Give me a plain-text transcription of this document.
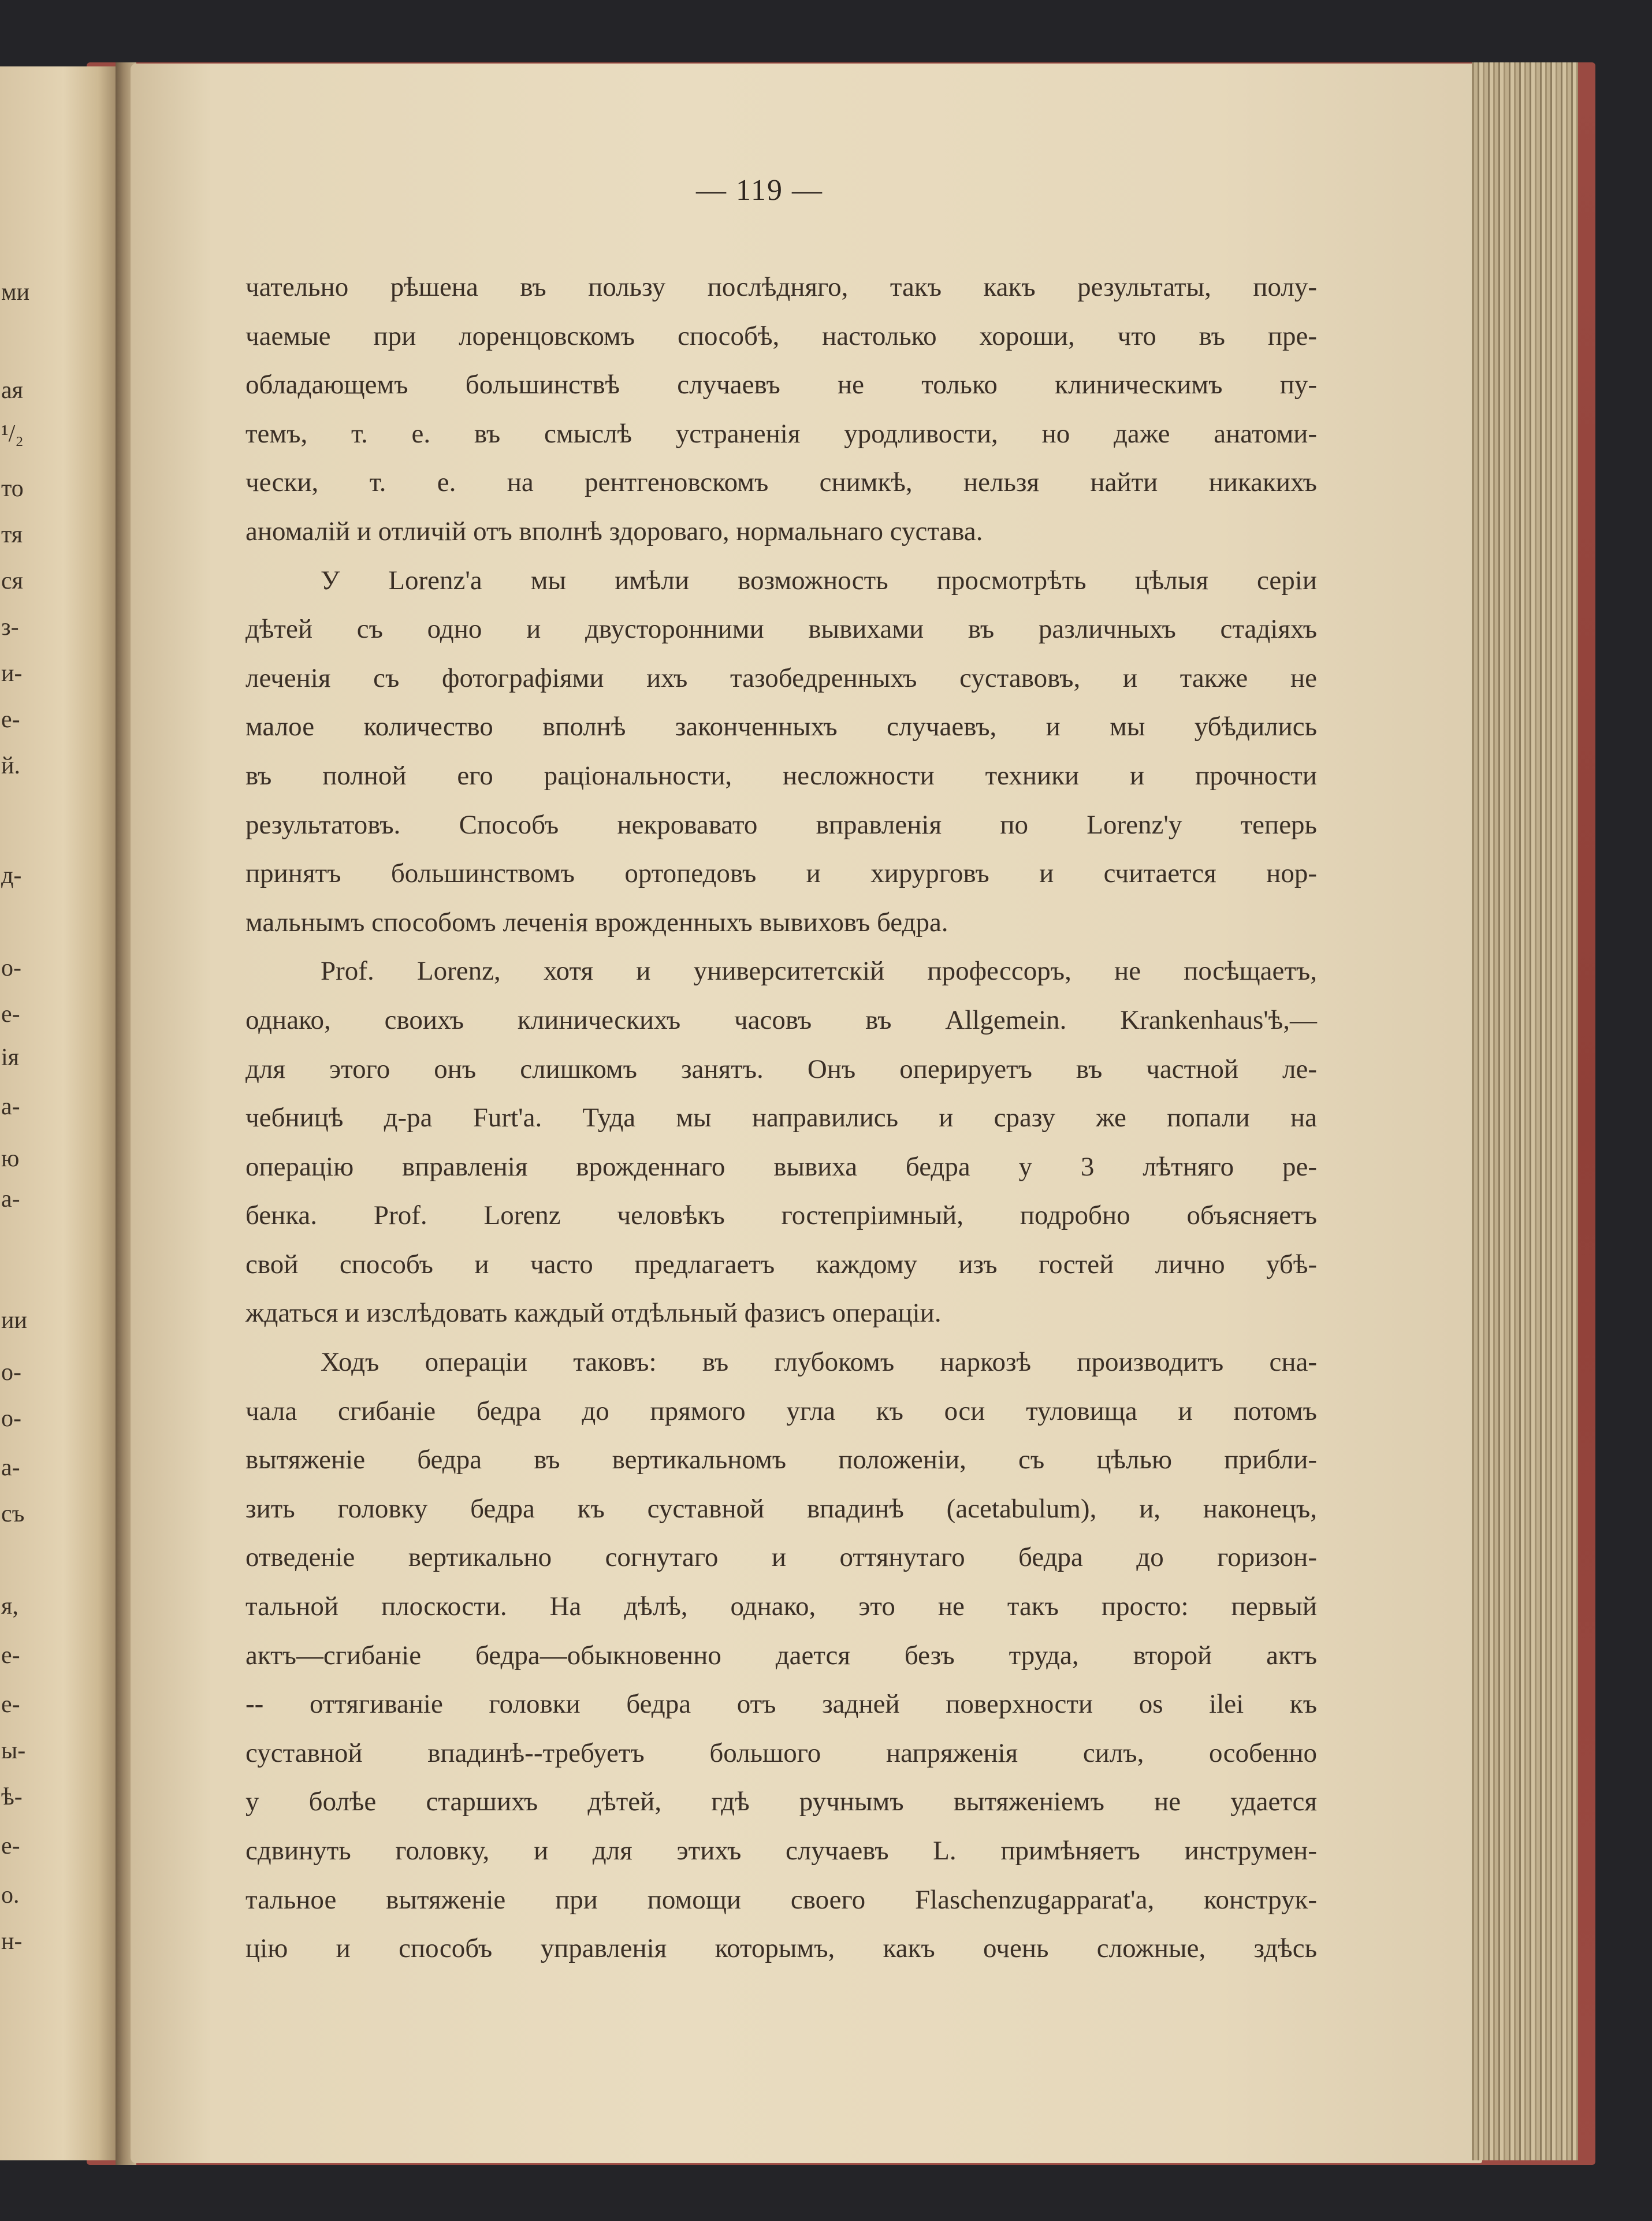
ми
ая
¹/₂
то
тя
ся
з-
и-
е-
й.
д-
о-
е-
ія
а-
ю
а-
ии
о-
о-
а-
съ
я,
е-
е-
ы-
ѣ-
е-
о.
н-
— 119 —
чательно рѣшена въ пользу послѣдняго, такъ какъ результаты, полу-
чаемые при лоренцовскомъ способѣ, настолько хороши, что въ пре-
обладающемъ большинствѣ случаевъ не только клиническимъ пу-
темъ, т. е. въ смыслѣ устраненія уродливости, но даже анатоми-
чески, т. е. на рентгеновскомъ снимкѣ, нельзя найти никакихъ
аномалій и отличій отъ вполнѣ здороваго, нормальнаго сустава.
У Lorenz'а мы имѣли возможность просмотрѣть цѣлыя серіи
дѣтей съ одно и двусторонними вывихами въ различныхъ стадіяхъ
леченія съ фотографіями ихъ тазобедренныхъ суставовъ, и также не
малое количество вполнѣ законченныхъ случаевъ, и мы убѣдились
въ полной его раціональности, несложности техники и прочности
результатовъ. Способъ некровавато вправленія по Lorenz'у теперь
принятъ большинствомъ ортопедовъ и хирурговъ и считается нор-
мальнымъ способомъ леченія врожденныхъ вывиховъ бедра.
Prof. Lorenz, хотя и университетскій профессоръ, не посѣщаетъ,
однако, своихъ клиническихъ часовъ въ Allgemein. Krankenhaus'ѣ,—
для этого онъ слишкомъ занятъ. Онъ оперируетъ въ частной ле-
чебницѣ д-ра Furt'а. Туда мы направились и сразу же попали на
операцію вправленія врожденнаго вывиха бедра у 3 лѣтняго ре-
бенка. Prof. Lorenz человѣкъ гостепріимный, подробно объясняетъ
свой способъ и часто предлагаетъ каждому изъ гостей лично убѣ-
ждаться и изслѣдовать каждый отдѣльный фазисъ операціи.
Ходъ операціи таковъ: въ глубокомъ наркозѣ производитъ сна-
чала сгибаніе бедра до прямого угла къ оси туловища и потомъ
вытяженіе бедра въ вертикальномъ положеніи, съ цѣлью прибли-
зить головку бедра къ суставной впадинѣ (acetabulum), и, наконецъ,
отведеніе вертикально согнутаго и оттянутаго бедра до горизон-
тальной плоскости. На дѣлѣ, однако, это не такъ просто: первый
актъ—сгибаніе бедра—обыкновенно дается безъ труда, второй актъ
-- оттягиваніе головки бедра отъ задней поверхности os ilei къ
суставной впадинѣ--требуетъ большого напряженія силъ, особенно
у болѣе старшихъ дѣтей, гдѣ ручнымъ вытяженіемъ не удается
сдвинуть головку, и для этихъ случаевъ L. примѣняетъ инструмен-
тальное вытяженіе при помощи своего Flaschenzugapparat'а, конструк-
цію и способъ управленія которымъ, какъ очень сложные, здѣсь
